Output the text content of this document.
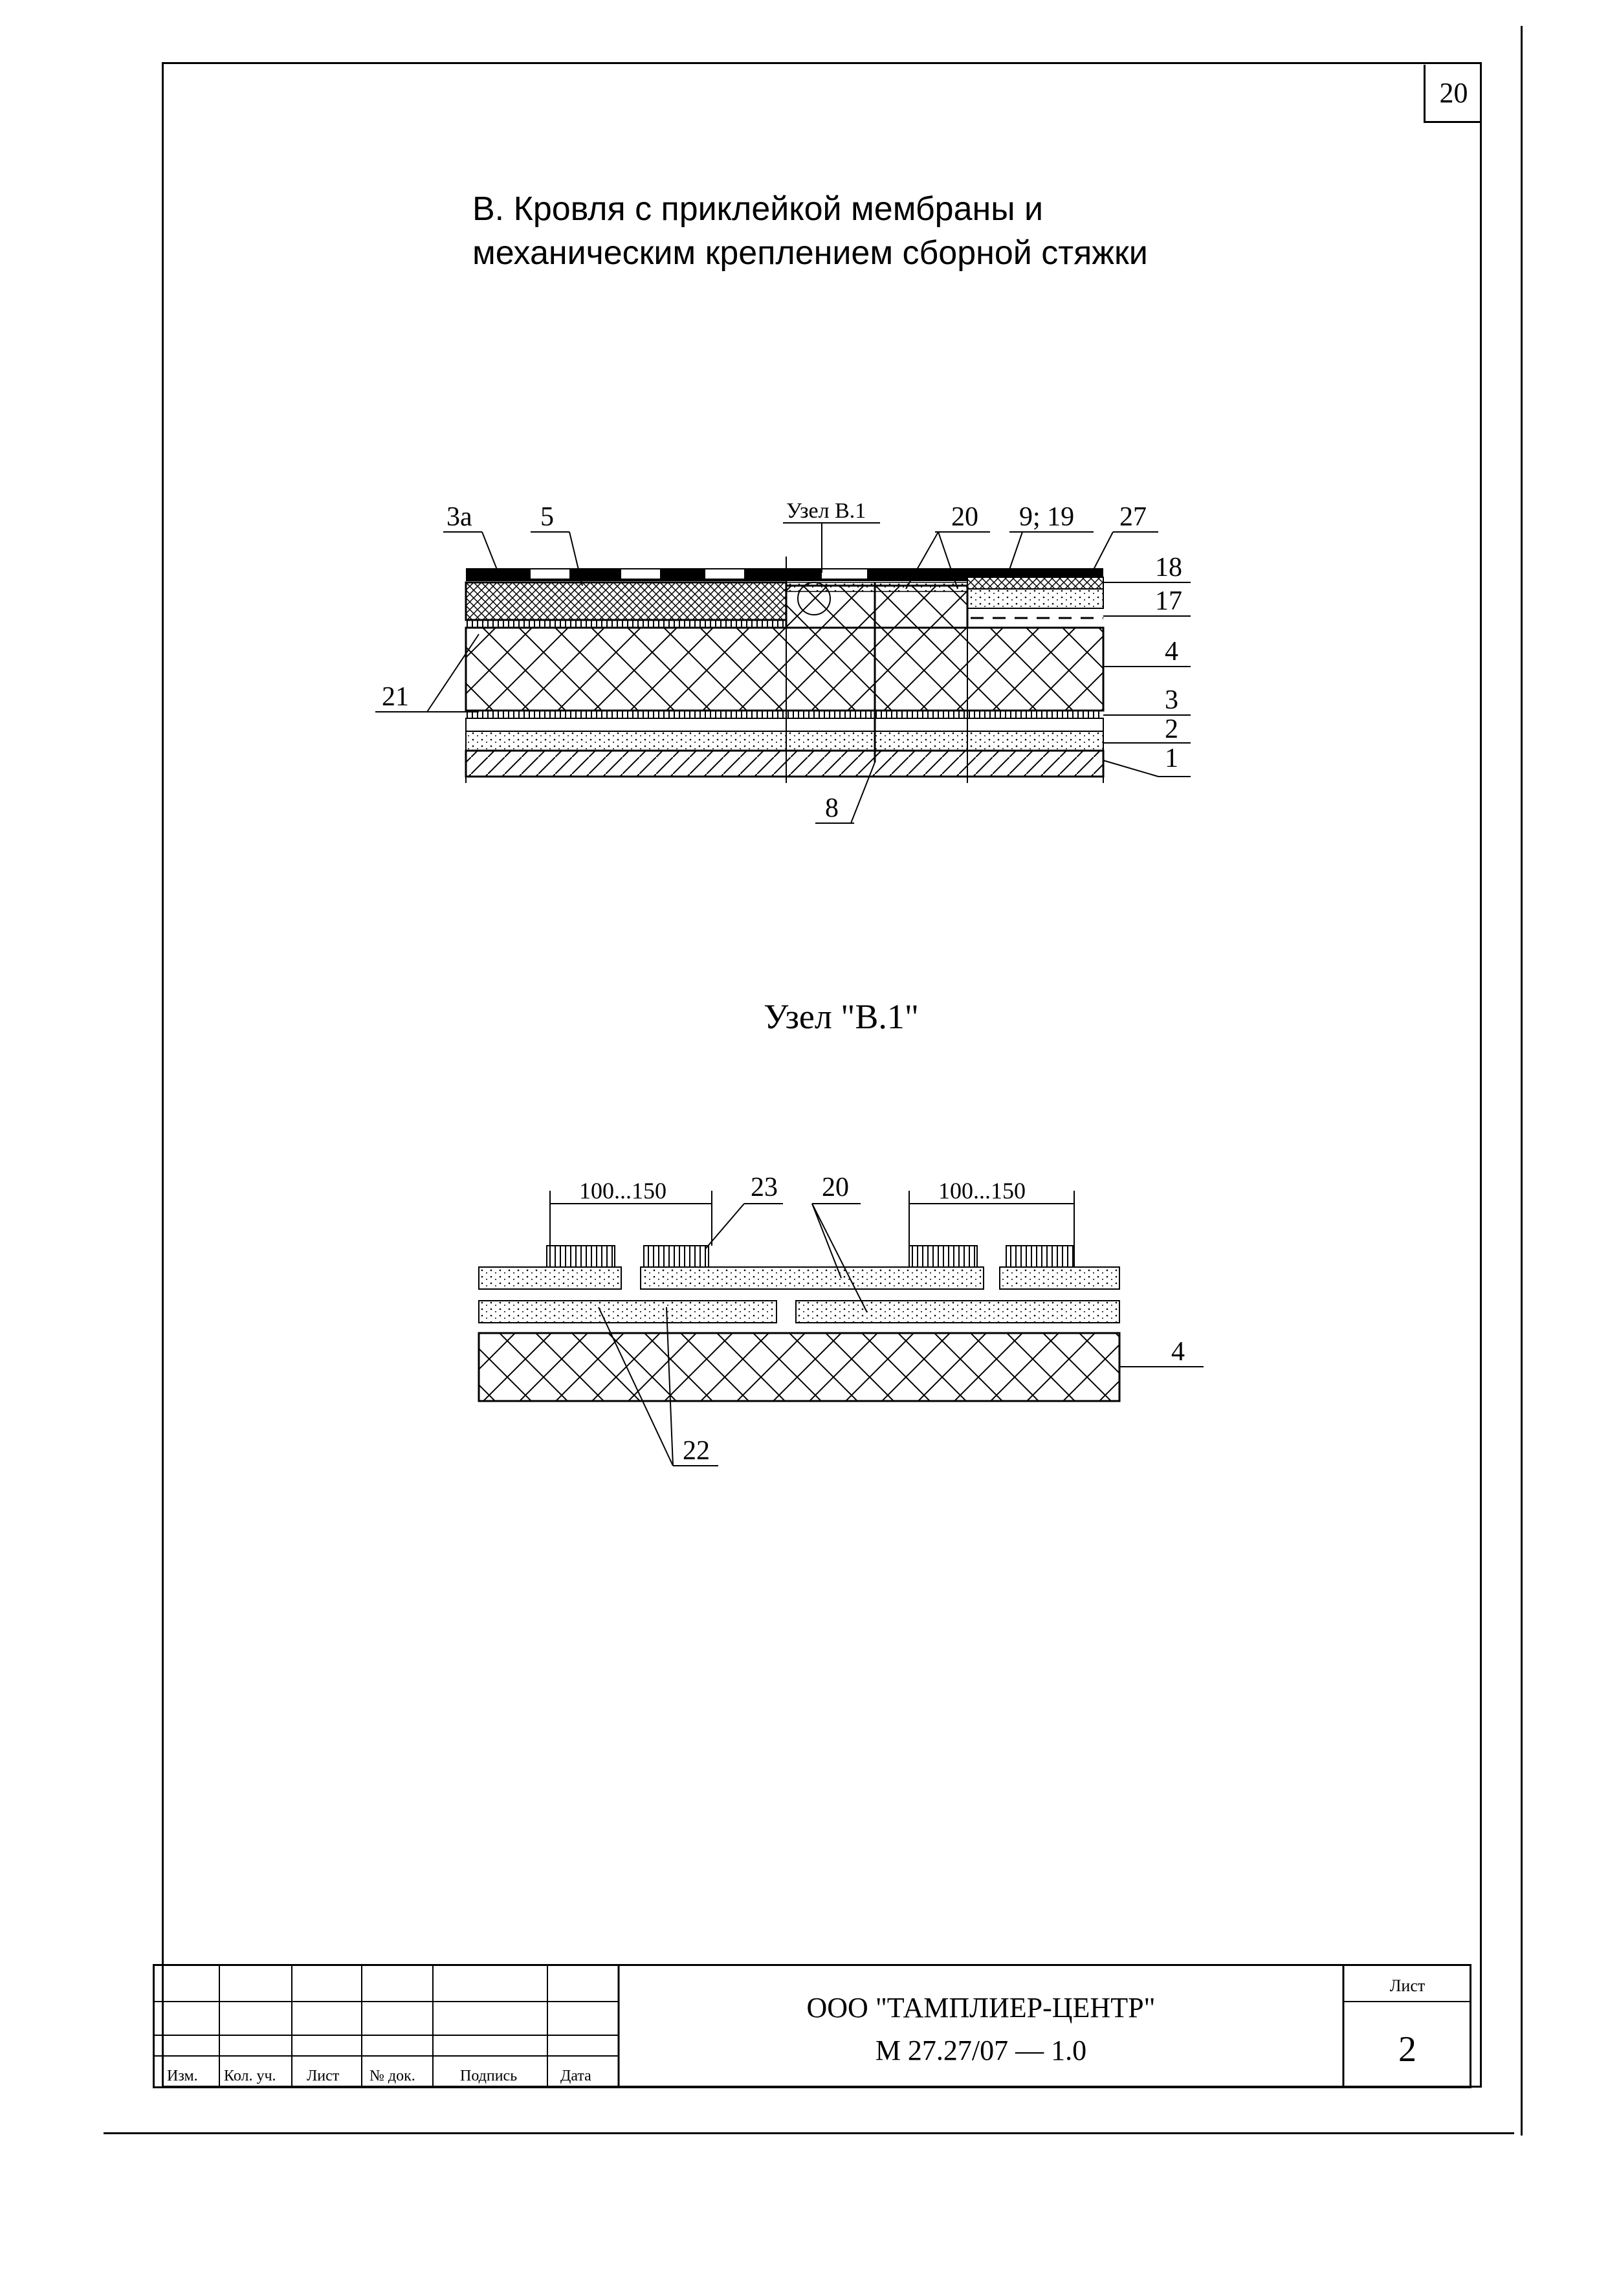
20
В. Кровля с приклейкой мембраны и
механическим креплением сборной стяжки
Узел В.1
3а	5	20 9; 19 27
18
17
4
3
2
1
21
8
Узел "В.1"
100...150	100...150
23 20
4
22
Изм. Кол. уч. Лист № док.	Подпись	Дата
ООО "ТАМПЛИЕР-ЦЕНТР"
М 27.27/07 — 1.0
Лист
2
